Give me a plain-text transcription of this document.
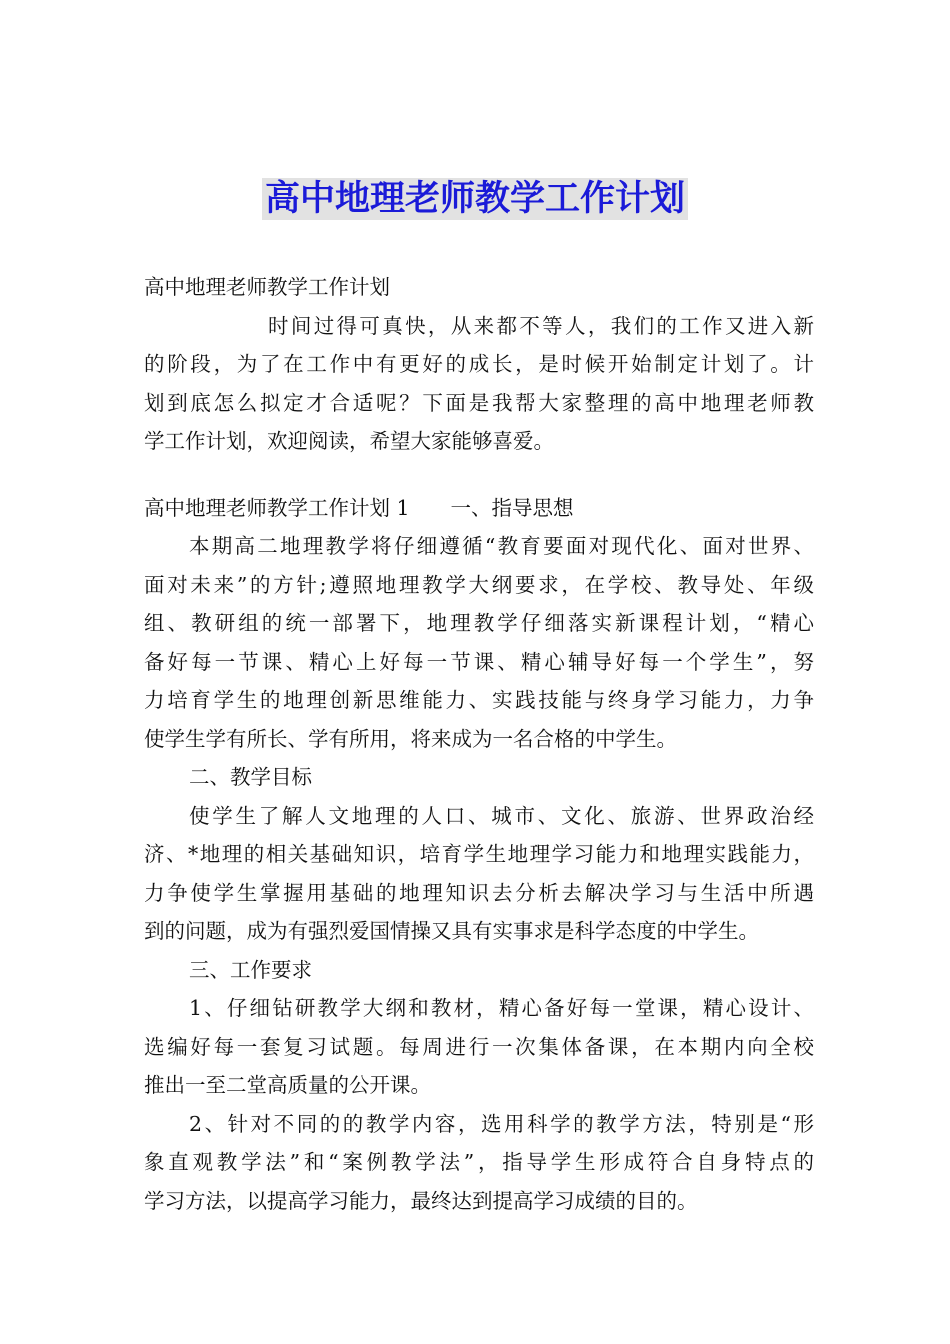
高中地理老师教学工作计划
高中地理老师教学工作计划
时间过得可真快，从来都不等人，我们的工作又进入新
的阶段，为了在工作中有更好的成长，是时候开始制定计划了。计
划到底怎么拟定才合适呢？下面是我帮大家整理的高中地理老师教
学工作计划，欢迎阅读，希望大家能够喜爱。
高中地理老师教学工作计划 1　　一、指导思想
本期高二地理教学将仔细遵循“教育要面对现代化、面对世界、
面对未来”的方针;遵照地理教学大纲要求，在学校、教导处、年级
组、教研组的统一部署下，地理教学仔细落实新课程计划，“精心
备好每一节课、精心上好每一节课、精心辅导好每一个学生”，努
力培育学生的地理创新思维能力、实践技能与终身学习能力，力争
使学生学有所长、学有所用，将来成为一名合格的中学生。
二、教学目标
使学生了解人文地理的人口、城市、文化、旅游、世界政治经
济、*地理的相关基础知识，培育学生地理学习能力和地理实践能力，
力争使学生掌握用基础的地理知识去分析去解决学习与生活中所遇
到的问题，成为有强烈爱国情操又具有实事求是科学态度的中学生。
三、工作要求
1、仔细钻研教学大纲和教材，精心备好每一堂课，精心设计、
选编好每一套复习试题。每周进行一次集体备课，在本期内向全校
推出一至二堂高质量的公开课。
2、针对不同的的教学内容，选用科学的教学方法，特别是“形
象直观教学法”和“案例教学法”，指导学生形成符合自身特点的
学习方法，以提高学习能力，最终达到提高学习成绩的目的。
